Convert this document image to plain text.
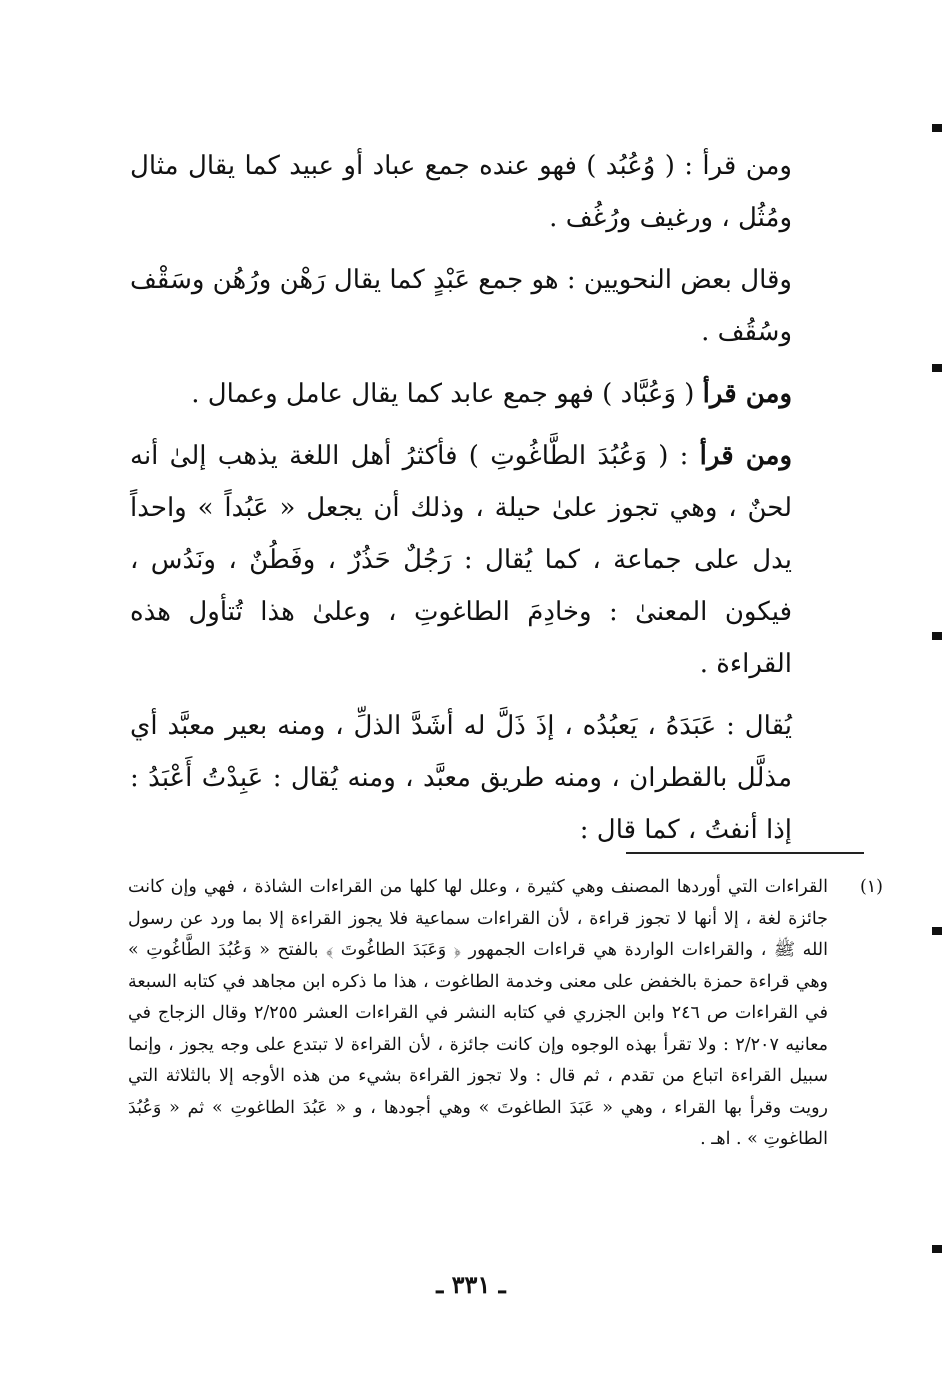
ومن قرأ : ( وُعُبُد ) فهو عنده جمع عباد أو عبيد كما يقال مثال ومُثُل ، ورغيف ورُغُف .

وقال بعض النحويين : هو جمع عَبْدٍ كما يقال رَهْن ورُهُن وسَقْف وسُقُف .

ومن قرأ ( وَعُبَّاد ) فهو جمع عابد كما يقال عامل وعمال .

ومن قرأ : ( وَعُبُدَ الطَّاغُوتِ ) فأكثرُ أهل اللغة يذهب إلىٰ أنه لحنٌ ، وهي تجوز علىٰ حيلة ، وذلك أن يجعل « عَبُداً » واحداً يدل على جماعة ، كما يُقال : رَجُلٌ حَذُرٌ ، وفَطُنٌ ، ونَدُس ، فيكون المعنىٰ : وخادِمَ الطاغوتِ ، وعلىٰ هذا تُتأول هذه القراءة .

يُقال : عَبَدَهُ ، يَعبُدُه ، إذَ ذَلَّ له أشَدَّ الذلِّ ، ومنه بعير معبَّد أي مذلَّل بالقطران ، ومنه طريق معبَّد ، ومنه يُقال : عَبِدْتُ أَعْبَدُ : إذا أنفتُ ، كما قال :

(١)
القراءات التي أوردها المصنف وهي كثيرة ، وعلل لها كلها من القراءات الشاذة ، فهي وإن كانت جائزة لغة ، إلا أنها لا تجوز قراءة ، لأن القراءات سماعية فلا يجوز القراءة إلا بما ورد عن رسول الله ﷺ ، والقراءات الواردة هي قراءات الجمهور ﴿ وَعَبَدَ الطاغُوتَ ﴾ بالفتح « وَعُبُدَ الطَّاغُوتِ » وهي قراءة حمزة بالخفض على معنى وخدمة الطاغوت ، هذا ما ذكره ابن مجاهد في كتابه السبعة في القراءات ص ٢٤٦ وابن الجزري في كتابه النشر في القراءات العشر ٢/٢٥٥ وقال الزجاج في معانيه ٢/٢٠٧ : ولا تقرأ بهذه الوجوه وإن كانت جائزة ، لأن القراءة لا تبتدع على وجه يجوز ، وإنما سبيل القراءة اتباع من تقدم ، ثم قال : ولا تجوز القراءة بشيء من هذه الأوجه إلا بالثلاثة التي رويت وقرأ بها القراء ، وهي « عَبَدَ الطاغوتَ » وهي أجودها ، و « عَبُدَ الطاغوتِ » ثم « وَعُبُدَ الطاغوتِ » . اهـ .
ـ ٣٣١ ـ
